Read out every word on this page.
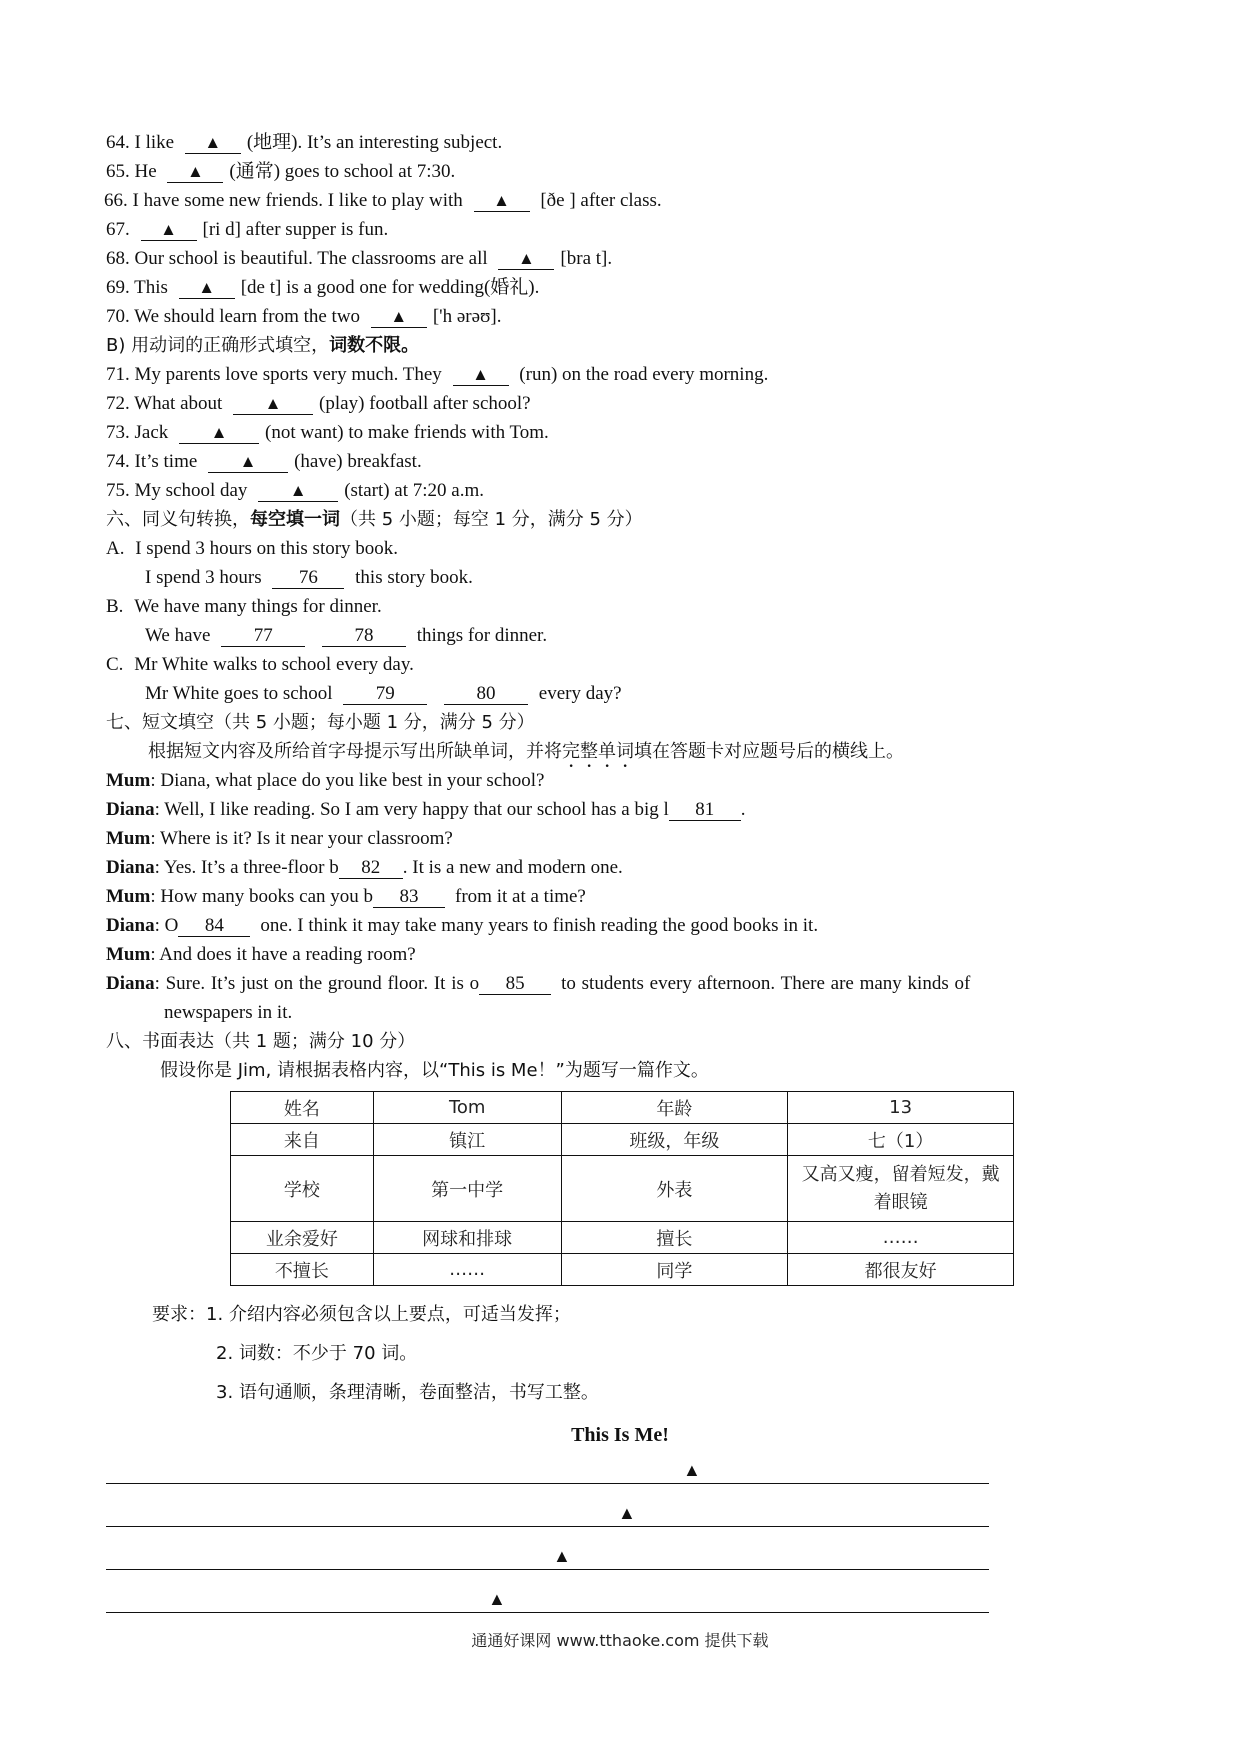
64. I like ▲ (地理). It’s an interesting subject.
65. He ▲ (通常) goes to school at 7:30.
66. I have some new friends. I like to play with ▲ [ðe ] after class.
67. ▲ [ri d] after supper is fun.
68. Our school is beautiful. The classrooms are all ▲ [bra t].
69. This ▲ [de t] is a good one for wedding(婚礼).
70. We should learn from the two ▲ ['h ərəʊ].
B) 用动词的正确形式填空，词数不限。
71. My parents love sports very much. They ▲ (run) on the road every morning.
72. What about ▲ (play) football after school?
73. Jack ▲ (not want) to make friends with Tom.
74. It’s time ▲ (have) breakfast.
75. My school day ▲ (start) at 7:20 a.m.
六、同义句转换，每空填一词（共 5 小题；每空 1 分，满分 5 分）
A. I spend 3 hours on this story book.
I spend 3 hours 76 this story book.
B. We have many things for dinner.
We have 77	78 things for dinner.
C. Mr White walks to school every day.
Mr White goes to school 79	80 every day?
七、短文填空（共 5 小题；每小题 1 分，满分 5 分）
根据短文内容及所给首字母提示写出所缺单词，并将完整单词填在答题卡对应题号后的横线上。
Mum: Diana, what place do you like best in your school?
Diana: Well, I like reading. So I am very happy that our school has a big l 81 .
Mum: Where is it? Is it near your classroom?
Diana: Yes. It’s a three-floor b 82 . It is a new and modern one.
Mum: How many books can you b 83 from it at a time?
Diana: O 84 one. I think it may take many years to finish reading the good books in it.
Mum: And does it have a reading room?
Diana: Sure. It’s just on the ground floor. It is o 85 to students every afternoon. There are many kinds of
newspapers in it.
八、书面表达（共 1 题；满分 10 分）
假设你是 Jim, 请根据表格内容，以“This is Me！”为题写一篇作文。
姓名	Tom	年龄	13
来自	镇江	班级，年级	七（1）
学校	第一中学	外表	又高又瘦，留着短发，戴着眼镜
业余爱好	网球和排球	擅长	……
不擅长	……	同学	都很友好
要求：1. 介绍内容必须包含以上要点，可适当发挥；
2. 词数：不少于 70 词。
3. 语句通顺，条理清晰，卷面整洁，书写工整。
This Is Me!
▲
▲
▲
▲
通通好课网 www.tthaoke.com 提供下载
